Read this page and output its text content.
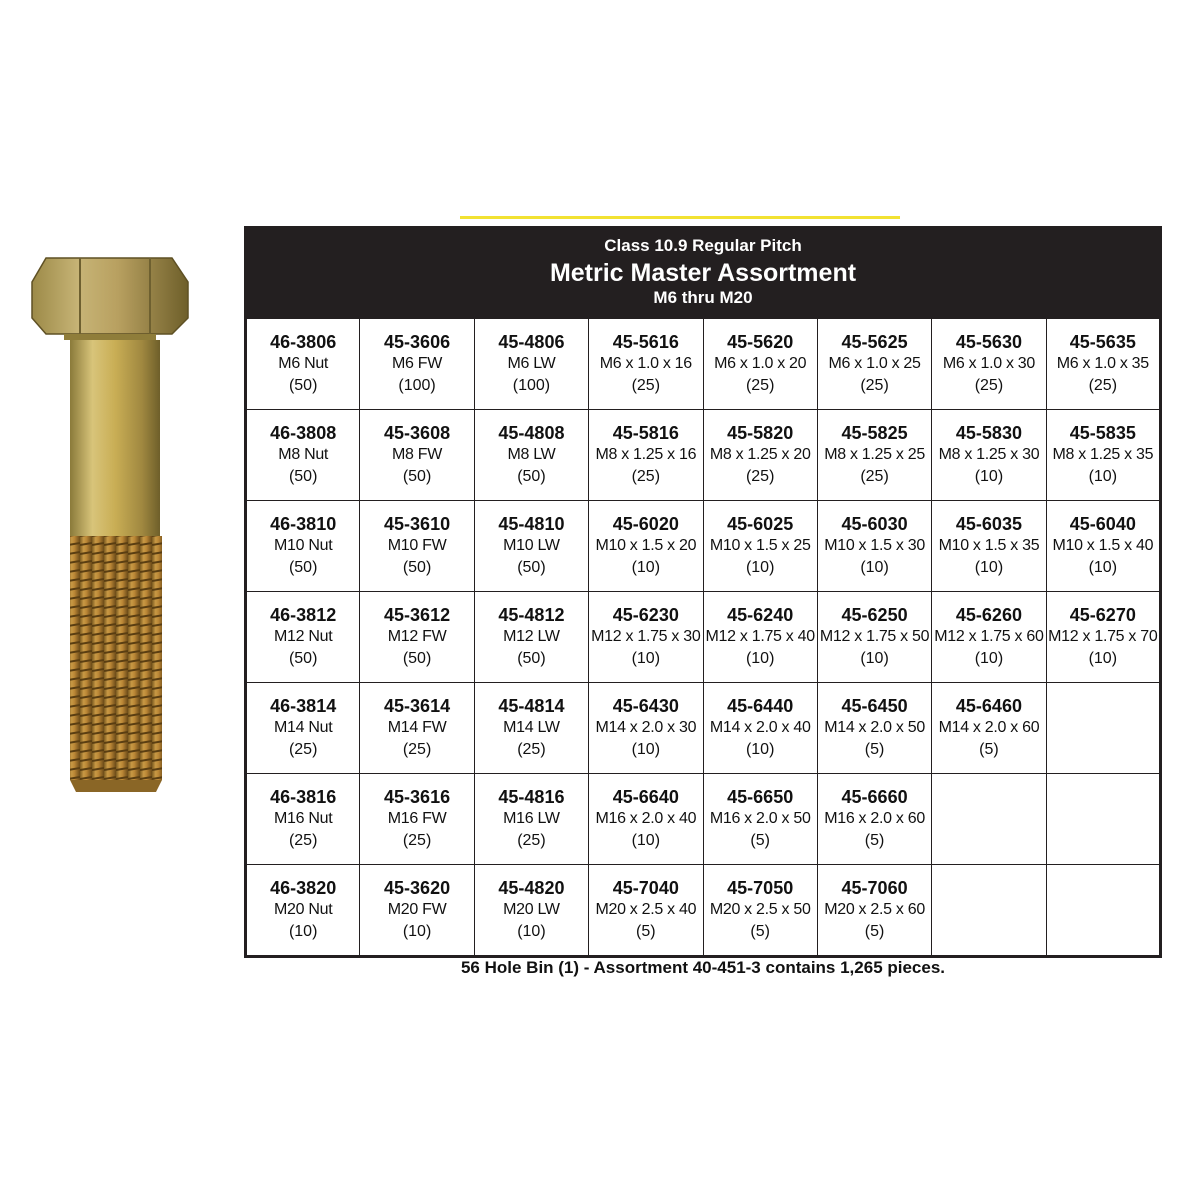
Class 10.9 Regular Pitch
Metric Master Assortment
M6 thru M20
46-3806
M6 Nut
(50)	45-3606
M6 FW
(100)	45-4806
M6 LW
(100)	45-5616
M6 x 1.0 x 16
(25)	45-5620
M6 x 1.0 x 20
(25)	45-5625
M6 x 1.0 x 25
(25)	45-5630
M6 x 1.0 x 30
(25)	45-5635
M6 x 1.0 x 35
(25)

46-3808
M8 Nut
(50)	45-3608
M8 FW
(50)	45-4808
M8 LW
(50)	45-5816
M8 x 1.25 x 16
(25)	45-5820
M8 x 1.25 x 20
(25)	45-5825
M8 x 1.25 x 25
(25)	45-5830
M8 x 1.25 x 30
(10)	45-5835
M8 x 1.25 x 35
(10)

46-3810
M10 Nut
(50)	45-3610
M10 FW
(50)	45-4810
M10 LW
(50)	45-6020
M10 x 1.5 x 20
(10)	45-6025
M10 x 1.5 x 25
(10)	45-6030
M10 x 1.5 x 30
(10)	45-6035
M10 x 1.5 x 35
(10)	45-6040
M10 x 1.5 x 40
(10)

46-3812
M12 Nut
(50)	45-3612
M12 FW
(50)	45-4812
M12 LW
(50)	45-6230
M12 x 1.75 x 30
(10)	45-6240
M12 x 1.75 x 40
(10)	45-6250
M12 x 1.75 x 50
(10)	45-6260
M12 x 1.75 x 60
(10)	45-6270
M12 x 1.75 x 70
(10)

46-3814
M14 Nut
(25)	45-3614
M14 FW
(25)	45-4814
M14 LW
(25)	45-6430
M14 x 2.0 x 30
(10)	45-6440
M14 x 2.0 x 40
(10)	45-6450
M14 x 2.0 x 50
(5)	45-6460
M14 x 2.0 x 60
(5)	

46-3816
M16 Nut
(25)	45-3616
M16 FW
(25)	45-4816
M16 LW
(25)	45-6640
M16 x 2.0 x 40
(10)	45-6650
M16 x 2.0 x 50
(5)	45-6660
M16 x 2.0 x 60
(5)		

46-3820
M20 Nut
(10)	45-3620
M20 FW
(10)	45-4820
M20 LW
(10)	45-7040
M20 x 2.5 x 40
(5)	45-7050
M20 x 2.5 x 50
(5)	45-7060
M20 x 2.5 x 60
(5)		

56 Hole Bin (1) - Assortment 40-451-3 contains 1,265 pieces.
